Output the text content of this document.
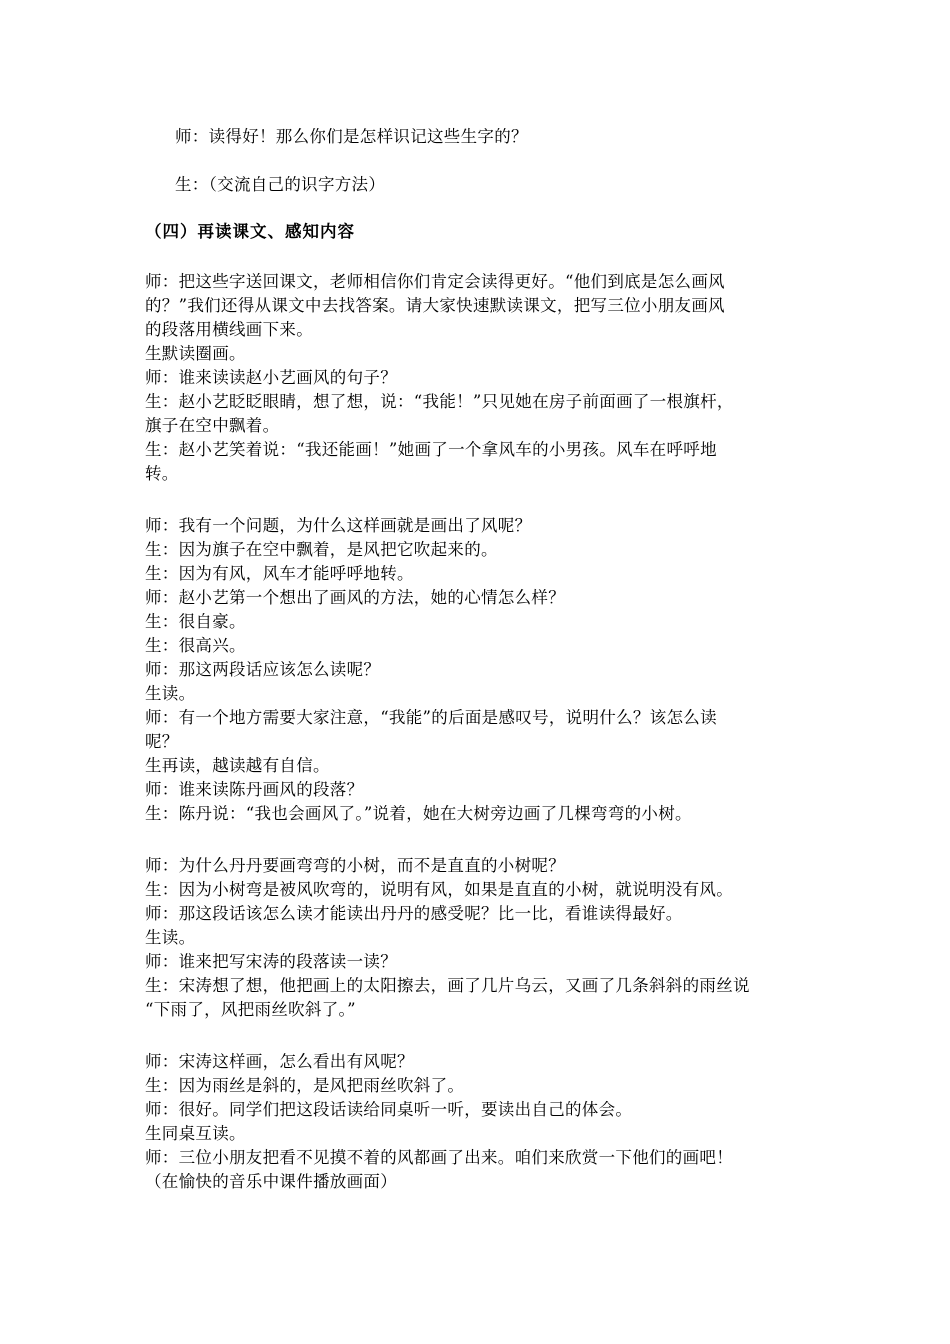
师：读得好！那么你们是怎样识记这些生字的？
生：（交流自己的识字方法）
（四）再读课文、感知内容
师：把这些字送回课文，老师相信你们肯定会读得更好。“他们到底是怎么画风
的？”我们还得从课文中去找答案。请大家快速默读课文，把写三位小朋友画风
的段落用横线画下来。
生默读圈画。
师：谁来读读赵小艺画风的句子？
生：赵小艺眨眨眼睛，想了想，说：“我能！”只见她在房子前面画了一根旗杆，
旗子在空中飘着。
生：赵小艺笑着说：“我还能画！”她画了一个拿风车的小男孩。风车在呼呼地
转。
师：我有一个问题，为什么这样画就是画出了风呢？
生：因为旗子在空中飘着，是风把它吹起来的。
生：因为有风，风车才能呼呼地转。
师：赵小艺第一个想出了画风的方法，她的心情怎么样？
生：很自豪。
生：很高兴。
师：那这两段话应该怎么读呢？
生读。
师：有一个地方需要大家注意，“我能”的后面是感叹号，说明什么？该怎么读
呢？
生再读，越读越有自信。
师：谁来读陈丹画风的段落？
生：陈丹说：“我也会画风了。”说着，她在大树旁边画了几棵弯弯的小树。
师：为什么丹丹要画弯弯的小树，而不是直直的小树呢？
生：因为小树弯是被风吹弯的，说明有风，如果是直直的小树，就说明没有风。
师：那这段话该怎么读才能读出丹丹的感受呢？比一比，看谁读得最好。
生读。
师：谁来把写宋涛的段落读一读？
生：宋涛想了想，他把画上的太阳擦去，画了几片乌云，又画了几条斜斜的雨丝说
“下雨了，风把雨丝吹斜了。”
师：宋涛这样画，怎么看出有风呢？
生：因为雨丝是斜的，是风把雨丝吹斜了。
师：很好。同学们把这段话读给同桌听一听，要读出自己的体会。
生同桌互读。
师：三位小朋友把看不见摸不着的风都画了出来。咱们来欣赏一下他们的画吧！
（在愉快的音乐中课件播放画面）
